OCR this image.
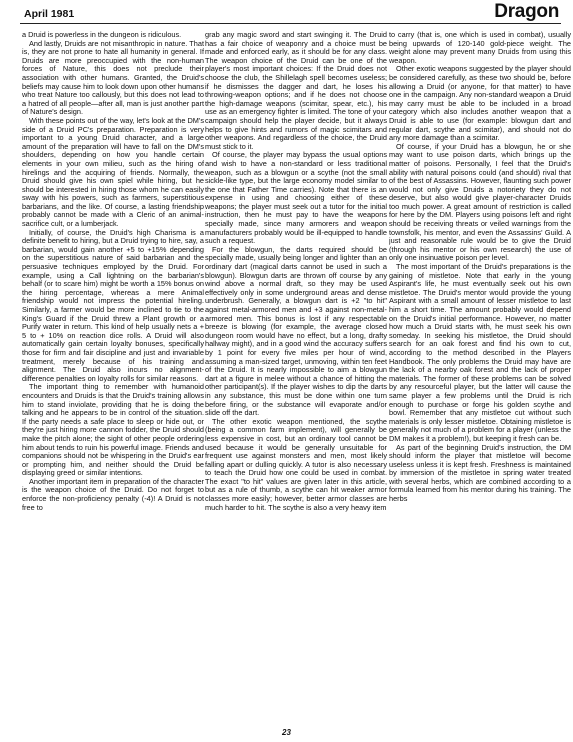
April 1981	Dragon

a Druid is powerless in the dungeon is ridiculous.

And lastly, Druids are not misanthropic in nature. That is, they are not prone to hate all humanity in general. If Druids are more preoccupied with the non-human forces of Nature, this does not preclude their association with other humans. Granted, the Druid's beliefs may cause him to look down upon other humans who treat Nature too callously, but this does not lead to a hatred of all people—after all, man is just another part of Nature's design.

With these points out of the way, let's look at the DM's side of a Druid PC's preparation. Preparation is very important to a young Druid character, and a large amount of the preparation will have to fall on the DM's shoulders, depending on how you handle certain elements in your own milieu, such as the hiring of hirelings and the acquiring of friends. Normally, the Druid should give his own spiel while hiring, but he should be interested in hiring those whom he can easily sway with his powers, such as farmers, superstitious barbarians, and the like. Of course, a lasting friendship probably cannot be made with a Cleric of an animal-sacrifice cult, or a lumberjack.

Initially, of course, the Druid's high Charisma is a definite benefit to hiring, but a Druid trying to hire, say, a barbarian, would gain another +5 to +15% depending on the superstitious nature of said barbarian and the persuasive techniques employed by the Druid. For example, using a Call lightning on the barbarian's behalf (or to scare him) might be worth a 15% bonus on the hiring percentage, whereas a mere Animal friendship would not impress the potential hireling. Similarly, a farmer would be more inclined to tie to the King's Guard if the Druid threw a Plant growth or a Purify water in return. This kind of help usually nets a + 5 to + 10% on reaction dice rolls. A Druid will also automatically gain certain loyalty bonuses, specifically those for firm and fair discipline and just and invariable treatment, merely because of his training and alignment. The Druid also incurs no alignment-difference penalties on loyalty rolls for similar reasons.

The important thing to remember with humanoid encounters and Druids is that the Druid's training allows him to stand inviolate, providing that he is doing the talking and he appears to be in control of the situation. If the party needs a safe place to sleep or hide out, or they're just hiring more cannon fodder, the Druid should make the pitch alone; the sight of other people ordering him about tends to ruin his powerful image. Friends and companions should not be whispering in the Druid's ear or prompting him, and neither should the Druid be displaying greed or similar intentions.

Another important item in preparation of the character is the weapon choice of the Druid. Do not forget to enforce the non-proficiency penalty (-4)! A Druid is not free to

grab any magic sword and start swinging it. The Druid has a fair choice of weaponry and a choice must be made and enforced early, as it should be for any class. The weapon choice of the Druid can be one of the player's most important choices: If the Druid does not choose the club, the Shillelagh spell becomes useless; if he dismisses the dagger and dart, he loses his throwing-weapon options; and if he does not choose the high-damage weapons (scimitar, spear, etc.), his use as an emergency fighter is limited. The tone of your campaign should help the player decide, but it always helps to give hints and rumors of magic scimitars and other weapons. And regardless of the choice, the Druid must stick to it.

Of course, the player may bypass the usual options and wish to have a non-standard or less traditional weapon, such as a blowgun or a scythe (not the small sickle-like type, but the large economy model similar to the one that Father Time carries). Note that there is an expense in using and choosing either of these weapons; the player must seek out a tutor for the initial instruction, then he must pay to have the weapons specially made, since many armorers and weapon manufacturers probably would be ill-equipped to handle such a request.

For the blowgun, the darts required should be specially made, usually being longer and lighter than an ordinary dart (magical darts cannot be used in such a blowgun). Blowgun darts are thrown off course by any wind above a normal draft, so they may be used effectively only in some underground areas and dense underbrush. Generally, a blowgun dart is +2 "to hit" against metal-armored men and +3 against non-metal-armored men. This bonus is lost if any respectable breeze is blowing (for example, the average closed dungeon room would have no effect, but a long, drafty hallway might), and in a good wind the accuracy suffers by 1 point for every five miles per hour of wind, assuming a man-sized target, unmoving, within ten feet of the Druid. It is nearly impossible to aim a blowgun dart at a figure in melee without a chance of hitting the other participant(s). If the player wishes to dip the darts in any substance, this must be done within one turn before firing, or the substance will evaporate and/or slide off the dart.

The other exotic weapon mentioned, the scythe (being a common farm implement), will generally be less expensive in cost, but an ordinary tool cannot be used because it would be generally unsuitable for frequent use against monsters and men, most likely falling apart or dulling quickly. A tutor is also necessary to teach the Druid how one could be used in combat. The exact "to hit" values are given later in this article, but as a rule of thumb, a scythe can hit weaker armor classes more easily; however, better armor classes are much harder to hit. The scythe is also a very heavy item

to carry (that is, one which is used in combat), usually being upwards of 120-140 gold-piece weight. The weight alone may prevent many Druids from using this weapon.

Other exotic weapons suggested by the player should be considered carefully, as these two should be, before allowing a Druid (or anyone, for that matter) to have one in the campaign. Any non-standard weapon a Druid may carry must be able to be included in a broad category which also includes another weapon that a Druid is able to use (for example: blowgun dart and regular dart, scythe and scimitar), and should not do any more damage than a scimitar.

Of course, if your Druid has a blowgun, he or she may want to use poison darts, which brings up the matter of poisons. Personally, I feel that the Druid's ability with natural poisons could (and should) rival that of the best of Assassins. However, flaunting such power would not only give Druids a notoriety they do not deserve, but also would give player-character Druids too much power. A great amount of restriction is called for here by the DM. Players using poisons left and right should be receiving threats or veiled warnings from the townsfolk, his mentor, and even the Assassins' Guild. A just and reasonable rule would be to give the Druid (through his mentor or his own research) the use of only one insinuative poison per level.

The most important of the Druid's preparations is the gaining of mistletoe. Note that early in the young Aspirant's life, he must eventually seek out his own mistletoe. The Druid's mentor would provide the young Aspirant with a small amount of lesser mistletoe to last him a short time. The amount probably would depend on the Druid's initial performance. However, no matter how much a Druid starts with, he must seek his own someday. In seeking his mistletoe, the Druid should search for an oak forest and find his own to cut, according to the method described in the Players Handbook. The only problems the Druid may have are the lack of a nearby oak forest and the lack of proper materials. The former of these problems can be solved by any resourceful player, but the latter will cause the same player a few problems until the Druid is rich enough to purchase or forge his golden scythe and bowl. Remember that any mistletoe cut without such materials is only lesser mistletoe. Obtaining mistletoe is generally not much of a problem for a player (unless the DM makes it a problem!), but keeping it fresh can be.

As part of the beginning Druid's instruction, the DM should inform the player that mistletoe will become useless unless it is kept fresh. Freshness is maintained by immersion of the mistletoe in spring water treated with several herbs, which are combined according to a formula learned from his mentor during his training. The herbs

23
